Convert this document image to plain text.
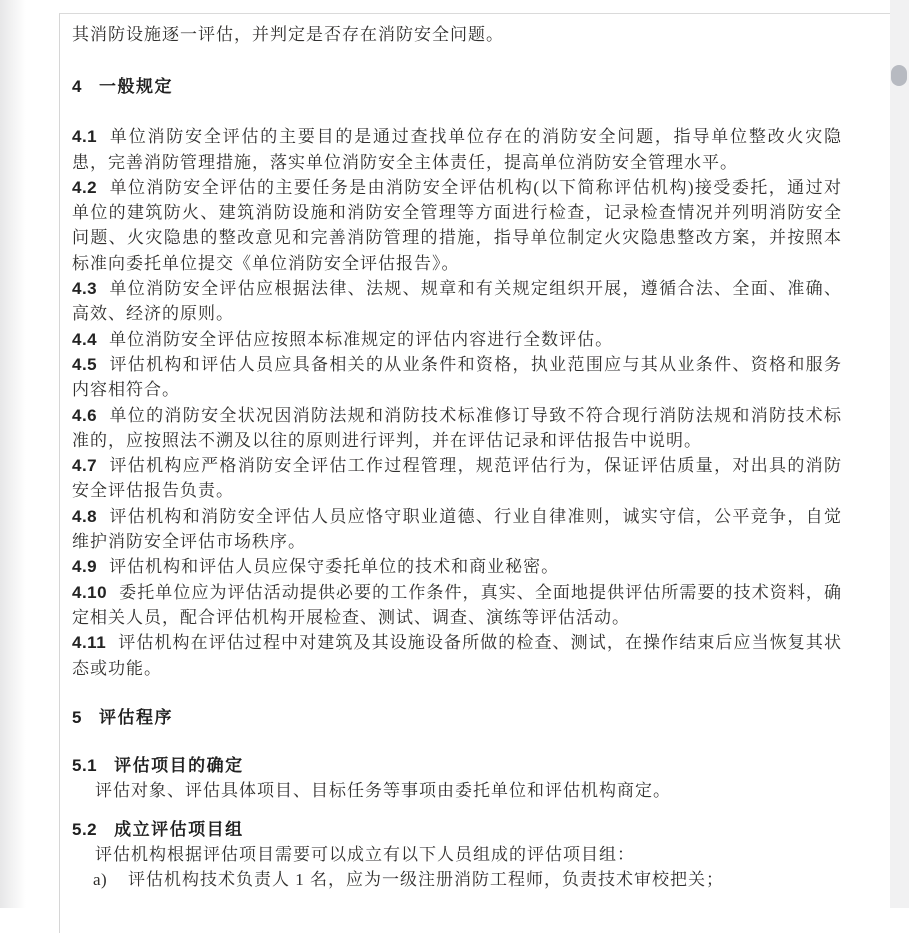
其消防设施逐一评估，并判定是否存在消防安全问题。

4 一般规定

4.1 单位消防安全评估的主要目的是通过查找单位存在的消防安全问题，指导单位整改火灾隐患，完善消防管理措施，落实单位消防安全主体责任，提高单位消防安全管理水平。

4.2 单位消防安全评估的主要任务是由消防安全评估机构(以下简称评估机构)接受委托，通过对单位的建筑防火、建筑消防设施和消防安全管理等方面进行检查，记录检查情况并列明消防安全问题、火灾隐患的整改意见和完善消防管理的措施，指导单位制定火灾隐患整改方案，并按照本标准向委托单位提交《单位消防安全评估报告》。

4.3 单位消防安全评估应根据法律、法规、规章和有关规定组织开展，遵循合法、全面、准确、高效、经济的原则。

4.4 单位消防安全评估应按照本标准规定的评估内容进行全数评估。

4.5 评估机构和评估人员应具备相关的从业条件和资格，执业范围应与其从业条件、资格和服务内容相符合。

4.6 单位的消防安全状况因消防法规和消防技术标准修订导致不符合现行消防法规和消防技术标准的，应按照法不溯及以往的原则进行评判，并在评估记录和评估报告中说明。

4.7 评估机构应严格消防安全评估工作过程管理，规范评估行为，保证评估质量，对出具的消防安全评估报告负责。

4.8 评估机构和消防安全评估人员应恪守职业道德、行业自律准则，诚实守信，公平竞争，自觉维护消防安全评估市场秩序。

4.9 评估机构和评估人员应保守委托单位的技术和商业秘密。

4.10 委托单位应为评估活动提供必要的工作条件，真实、全面地提供评估所需要的技术资料，确定相关人员，配合评估机构开展检查、测试、调查、演练等评估活动。

4.11 评估机构在评估过程中对建筑及其设施设备所做的检查、测试，在操作结束后应当恢复其状态或功能。

5 评估程序
5.1 评估项目的确定

评估对象、评估具体项目、目标任务等事项由委托单位和评估机构商定。

5.2 成立评估项目组

评估机构根据评估项目需要可以成立有以下人员组成的评估项目组：

a) 评估机构技术负责人 1 名，应为一级注册消防工程师，负责技术审校把关；
